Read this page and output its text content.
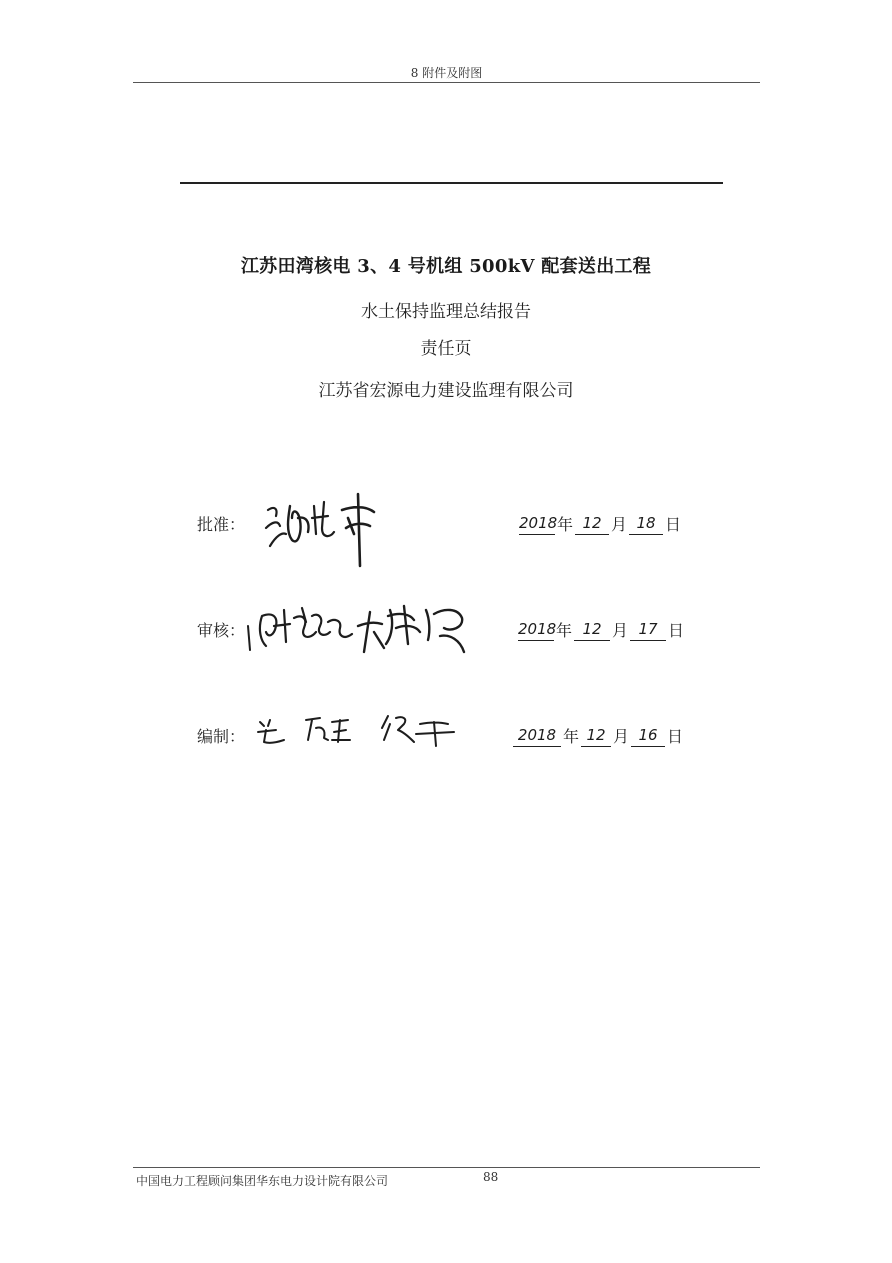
8 附件及附图
江苏田湾核电 3、4 号机组 500kV 配套送出工程
水土保持监理总结报告
责任页
江苏省宏源电力建设监理有限公司
批准：	2018年 12 月 18 日
审核：	2018年 12 月 17 日
编制：	2018 年 12 月 16 日
中国电力工程顾问集团华东电力设计院有限公司	88
